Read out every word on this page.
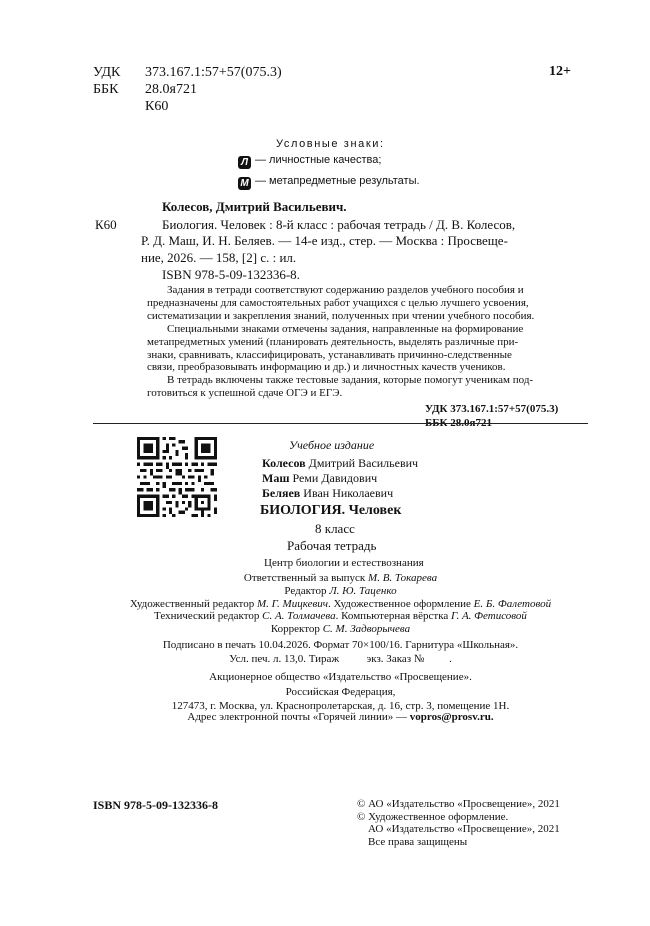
УДК 373.167.1:57+57(075.3)
ББК 28.0я721
К60
12+
Условные знаки:
Л — личностные качества;
М — метапредметные результаты.
Колесов, Дмитрий Васильевич.
К60	Биология. Человек : 8-й класс : рабочая тетрадь / Д. В. Колесов,
Р. Д. Маш, И. Н. Беляев. — 14-е изд., стер. — Москва : Просвеще-
ние, 2026. — 158, [2] с. : ил.
ISBN 978-5-09-132336-8.
Задания в тетради соответствуют содержанию разделов учебного пособия и
предназначены для самостоятельных работ учащихся с целью лучшего усвоения,
систематизации и закрепления знаний, полученных при чтении учебного пособия.
Специальными знаками отмечены задания, направленные на формирование
метапредметных умений (планировать деятельность, выделять различные при-
знаки, сравнивать, классифицировать, устанавливать причинно-следственные
связи, преобразовывать информацию и др.) и личностных качеств учеников.
В тетрадь включены также тестовые задания, которые помогут ученикам под-
готовиться к успешной сдаче ОГЭ и ЕГЭ.
УДК 373.167.1:57+57(075.3)
ББК 28.0я721
Учебное издание
Колесов Дмитрий Васильевич
Маш Реми Давидович
Беляев Иван Николаевич
БИОЛОГИЯ. Человек
8 класс
Рабочая тетрадь
Центр биологии и естествознания
Ответственный за выпуск М. В. Токарева
Редактор Л. Ю. Таценко
Художественный редактор М. Г. Мицкевич. Художественное оформление Е. Б. Фалетовой
Технический редактор С. А. Толмачева. Компьютерная вёрстка Г. А. Фетисовой
Корректор С. М. Задворычева
Подписано в печать 10.04.2026. Формат 70×100/16. Гарнитура «Школьная».
Усл. печ. л. 13,0. Тираж          экз. Заказ №         .
Акционерное общество «Издательство «Просвещение».
Российская Федерация,
127473, г. Москва, ул. Краснопролетарская, д. 16, стр. 3, помещение 1Н.
Адрес электронной почты «Горячей линии» — vopros@prosv.ru.
ISBN 978-5-09-132336-8	© АО «Издательство «Просвещение», 2021
© Художественное оформление.
АО «Издательство «Просвещение», 2021
Все права защищены
